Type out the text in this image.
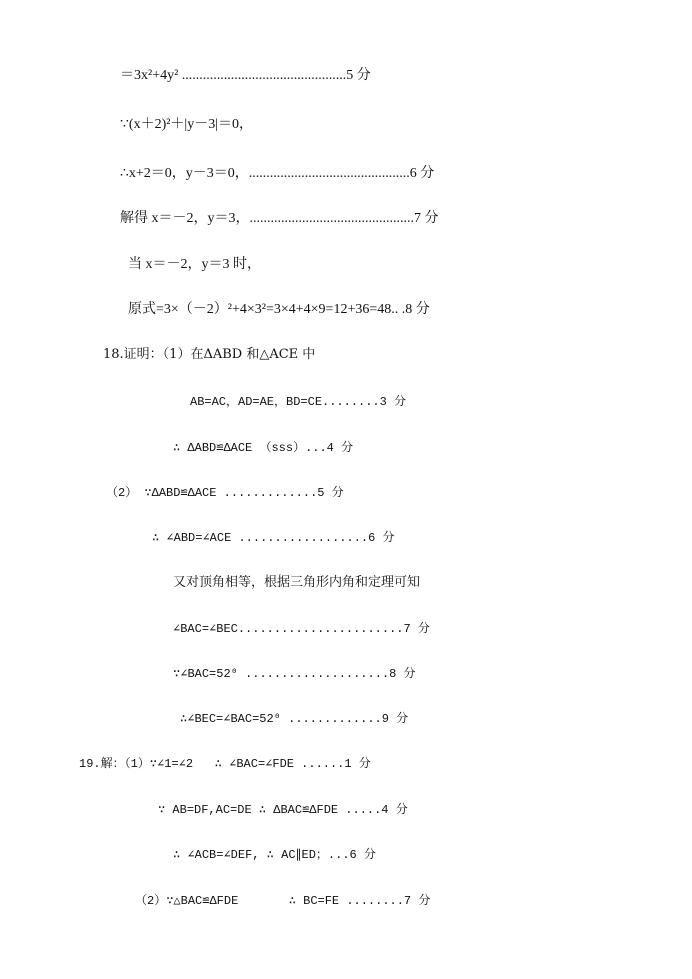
＝3x²+4y² ...............................................5 分
∵(x＋2)²＋|y－3|＝0，
∴x+2＝0，y－3＝0，..............................................6 分
解得 x＝－2，y＝3，...............................................7 分
当 x＝－2，y＝3 时，
原式=3×（－2）²+4×3²=3×4+4×9=12+36=48.. .8 分
18.证明：（1）在ΔABD 和△ACE 中
AB=AC，AD=AE，BD=CE........3 分
∴ ΔABD≌ΔACE （sss）...4 分
（2） ∵ΔABD≌ΔACE .............5 分
∴ ∠ABD=∠ACE ..................6 分
又对顶角相等，根据三角形内角和定理可知
∠BAC=∠BEC.......................7 分
∵∠BAC=52⁰ ....................8 分
∴∠BEC=∠BAC=52⁰ .............9 分
19.解：（1）∵∠1=∠2   ∴ ∠BAC=∠FDE ......1 分
∵ AB=DF,AC=DE ∴ ΔBAC≌ΔFDE .....4 分
∴ ∠ACB=∠DEF, ∴ AC∥ED；...6 分
（2）∵△BAC≌ΔFDE       ∴ BC=FE ........7 分
